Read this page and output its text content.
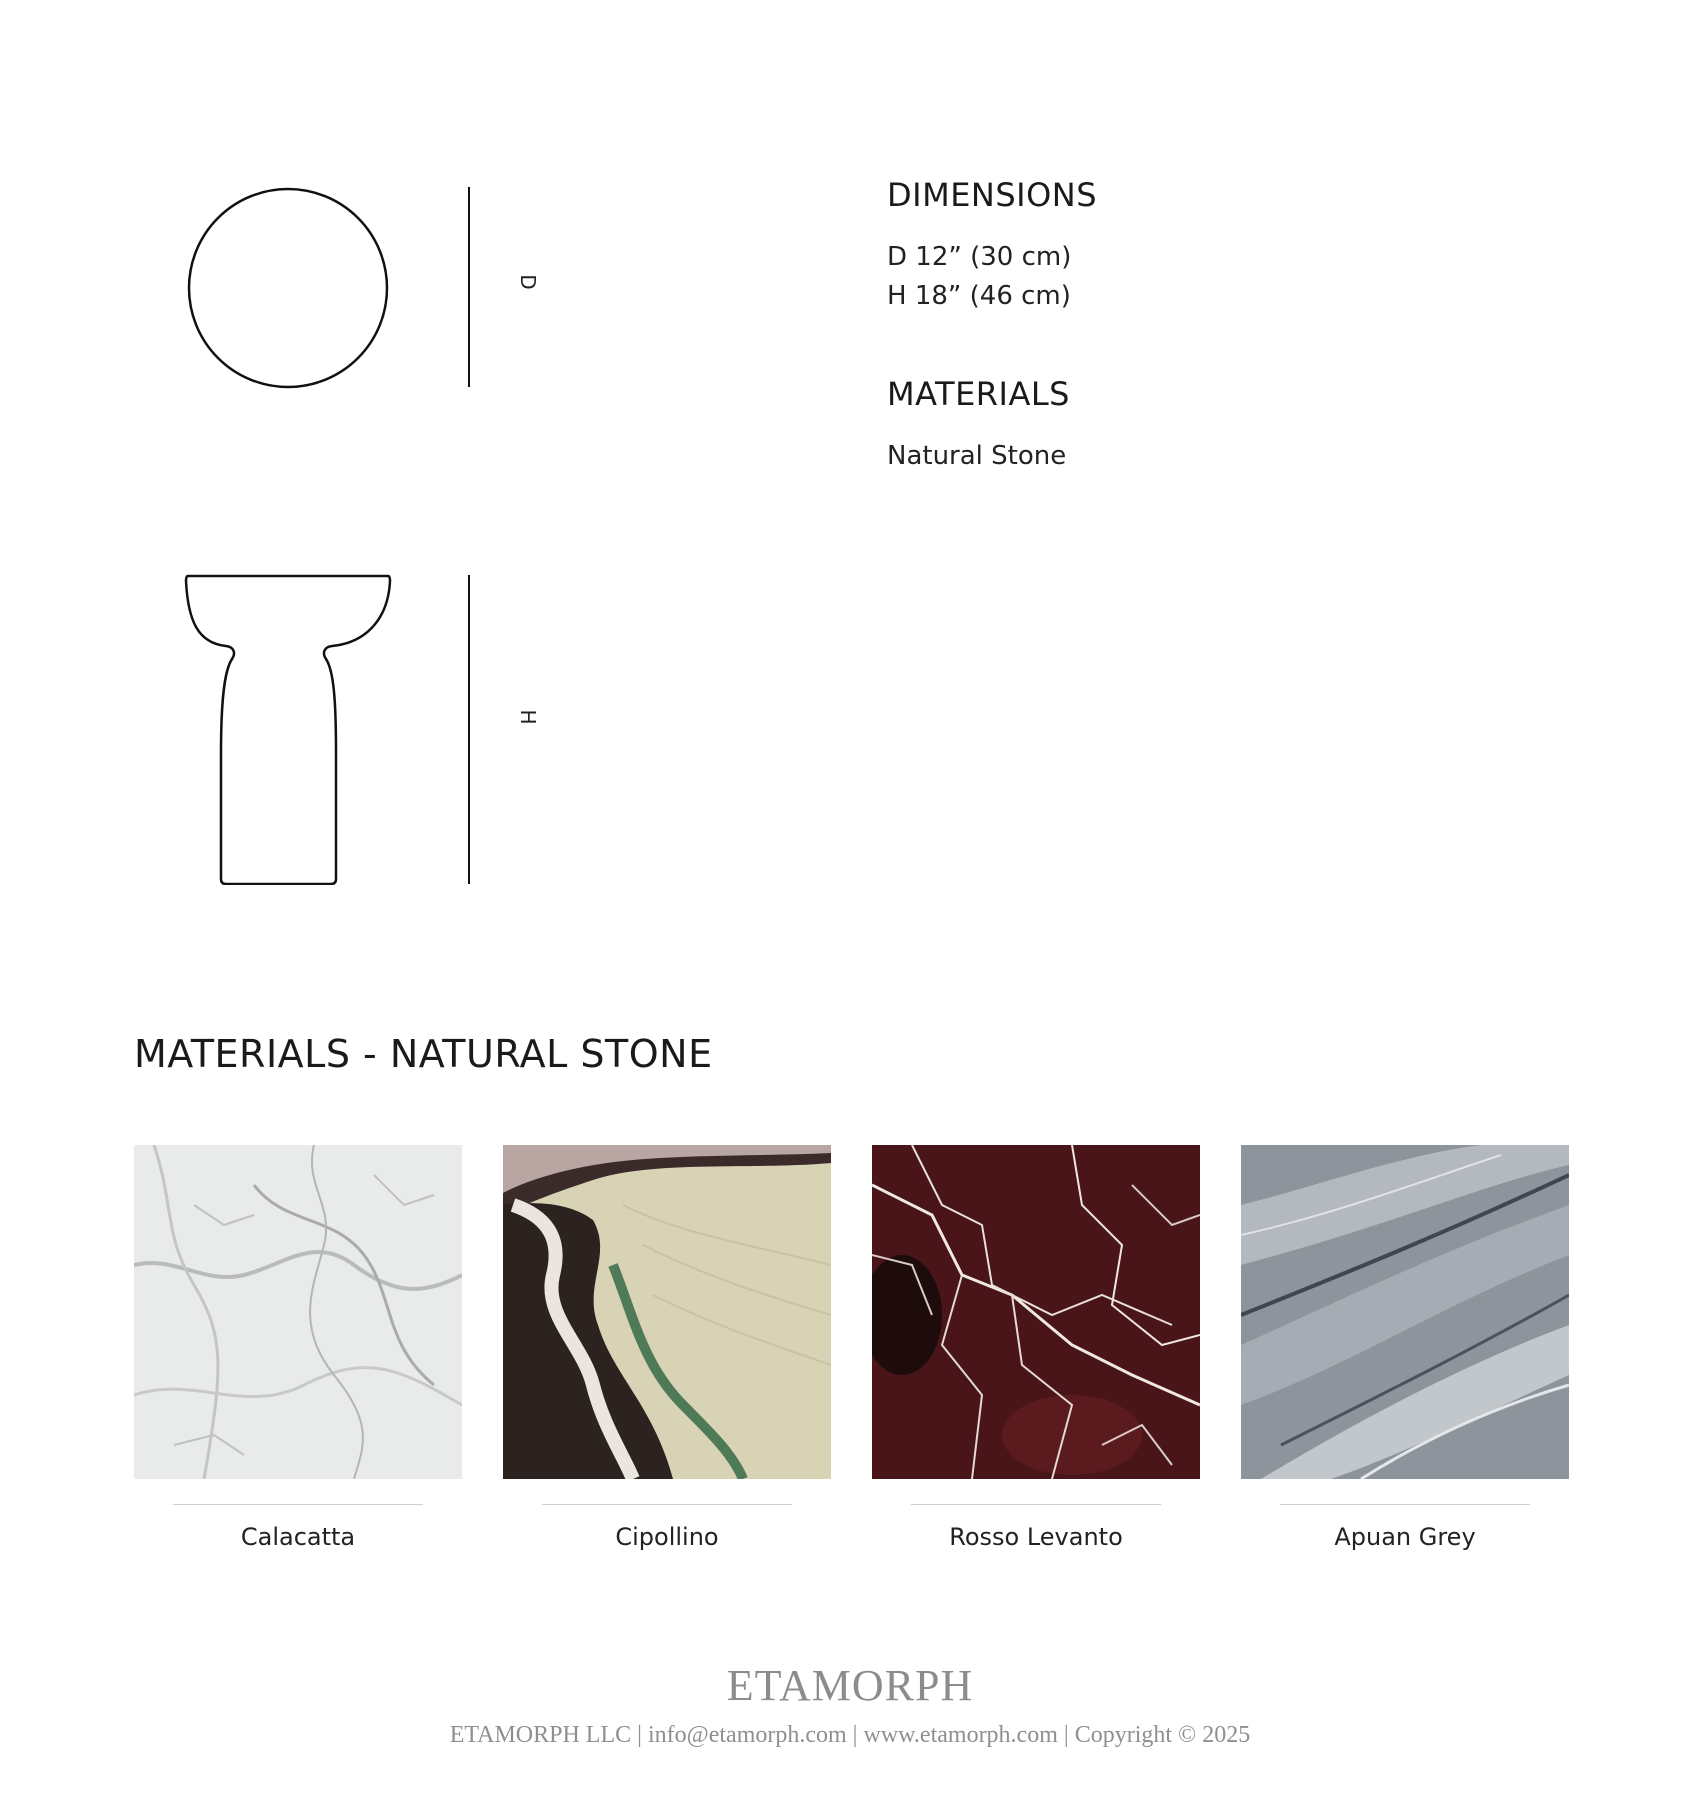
D
H
DIMENSIONS
D 12” (30 cm)
H 18” (46 cm)
MATERIALS
Natural Stone
MATERIALS - NATURAL STONE
Calacatta	Cipollino	Rosso Levanto	Apuan Grey
ETAMORPH
ETAMORPH LLC | info@etamorph.com | www.etamorph.com | Copyright © 2025
